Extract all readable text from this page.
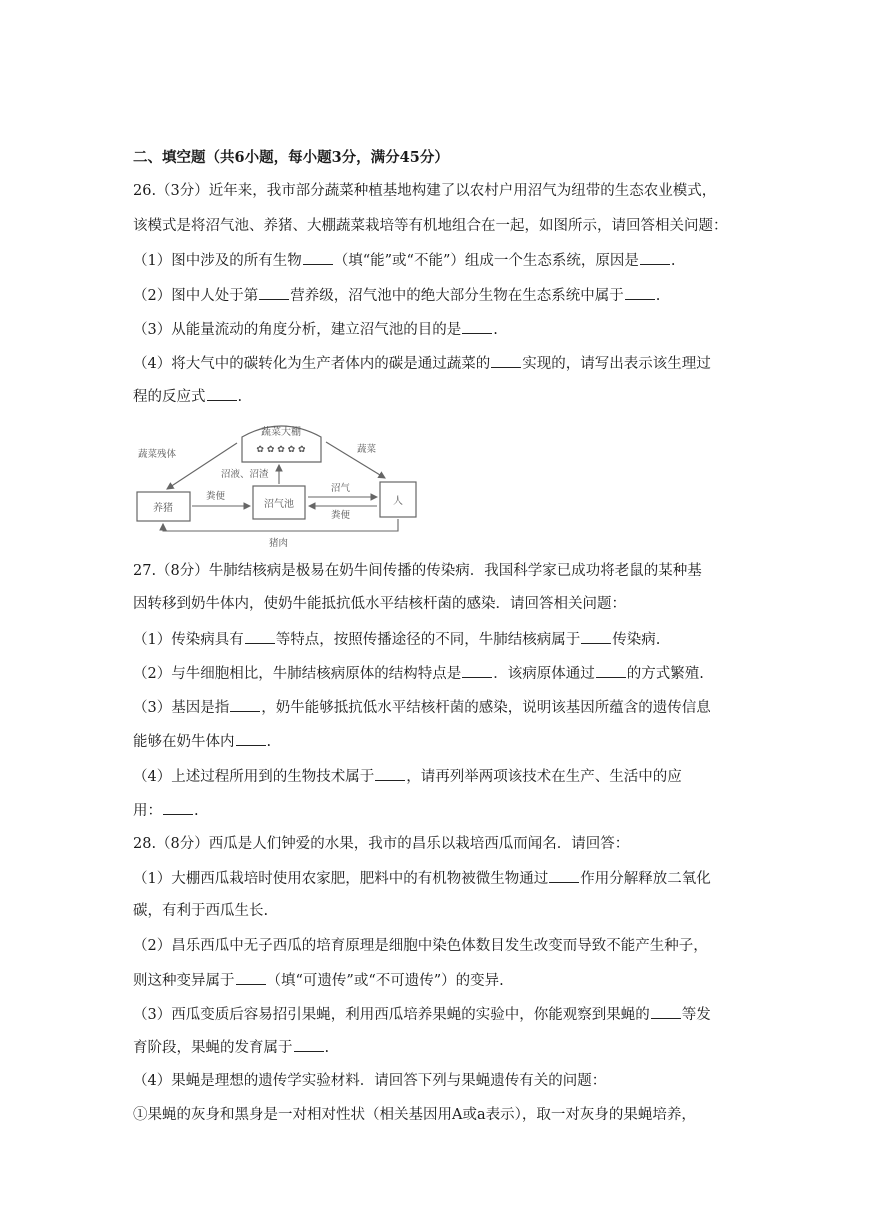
二、填空题（共6小题，每小题3分，满分45分）
26.（3分）近年来，我市部分蔬菜种植基地构建了以农村户用沼气为纽带的生态农业模式，
该模式是将沼气池、养猪、大棚蔬菜栽培等有机地组合在一起，如图所示，请回答相关问题：
（1）图中涉及的所有生物 （填“能”或“不能”）组成一个生态系统，原因是 .
（2）图中人处于第 营养级，沼气池中的绝大部分生物在生态系统中属于 .
（3）从能量流动的角度分析，建立沼气池的目的是 .
（4）将大气中的碳转化为生产者体内的碳是通过蔬菜的 实现的，请写出表示该生理过
程的反应式 .
蔬菜大棚
✿ ✿ ✿ ✿ ✿
养猪	沼气池	人
蔬菜残体
沼液、沼渣
蔬菜
粪便
沼气
粪便
猪肉
27.（8分）牛肺结核病是极易在奶牛间传播的传染病．我国科学家已成功将老鼠的某种基
因转移到奶牛体内，使奶牛能抵抗低水平结核杆菌的感染．请回答相关问题：
（1）传染病具有 等特点，按照传播途径的不同，牛肺结核病属于 传染病.
（2）与牛细胞相比，牛肺结核病原体的结构特点是 ．该病原体通过 的方式繁殖.
（3）基因是指 ，奶牛能够抵抗低水平结核杆菌的感染，说明该基因所蕴含的遗传信息
能够在奶牛体内 .
（4）上述过程所用到的生物技术属于 ，请再列举两项该技术在生产、生活中的应
用： .
28.（8分）西瓜是人们钟爱的水果，我市的昌乐以栽培西瓜而闻名．请回答：
（1）大棚西瓜栽培时使用农家肥，肥料中的有机物被微生物通过 作用分解释放二氧化
碳，有利于西瓜生长.
（2）昌乐西瓜中无子西瓜的培育原理是细胞中染色体数目发生改变而导致不能产生种子，
则这种变异属于 （填“可遗传”或“不可遗传”）的变异.
（3）西瓜变质后容易招引果蝇，利用西瓜培养果蝇的实验中，你能观察到果蝇的 等发
育阶段，果蝇的发育属于 .
（4）果蝇是理想的遗传学实验材料．请回答下列与果蝇遗传有关的问题：
①果蝇的灰身和黑身是一对相对性状（相关基因用A或a表示），取一对灰身的果蝇培养，
